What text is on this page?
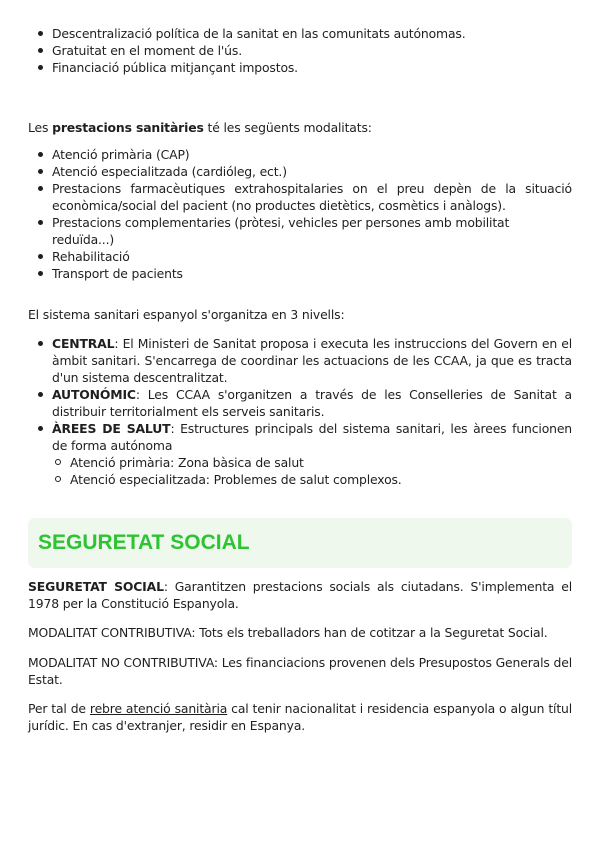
Descentralizació política de la sanitat en las comunitats autónomas.
Gratuitat en el moment de l'ús.
Financiació pública mitjançant impostos.

Les prestacions sanitàries té les següents modalitats:

Atenció primària (CAP)
Atenció especialitzada (cardióleg, ect.)
Prestacions farmacèutiques extrahospitalaries on el preu depèn de la situació econòmica/social del pacient (no productes dietètics, cosmètics i anàlogs).
Prestacions complementaries (pròtesi, vehicles per persones amb mobilitat reduïda...)
Rehabilitació
Transport de pacients

El sistema sanitari espanyol s'organitza en 3 nivells:

CENTRAL: El Ministeri de Sanitat proposa i executa les instruccions del Govern en el àmbit sanitari. S'encarrega de coordinar les actuacions de les CCAA, ja que es tracta d'un sistema descentralitzat.
AUTONÓMIC: Les CCAA s'organitzen a través de les Conselleries de Sanitat a distribuir territorialment els serveis sanitaris.
ÀREES DE SALUT: Estructures principals del sistema sanitari, les àrees funcionen de forma autónoma
Atenció primària: Zona bàsica de salut
Atenció especialitzada: Problemes de salut complexos.
SEGURETAT SOCIAL

SEGURETAT SOCIAL: Garantitzen prestacions socials als ciutadans. S'implementa el 1978 per la Constitució Espanyola.

MODALITAT CONTRIBUTIVA: Tots els treballadors han de cotitzar a la Seguretat Social.

MODALITAT NO CONTRIBUTIVA: Les financiacions provenen dels Presupostos Generals del Estat.

Per tal de rebre atenció sanitària cal tenir nacionalitat i residencia espanyola o algun títul jurídic. En cas d'extranjer, residir en Espanya.
